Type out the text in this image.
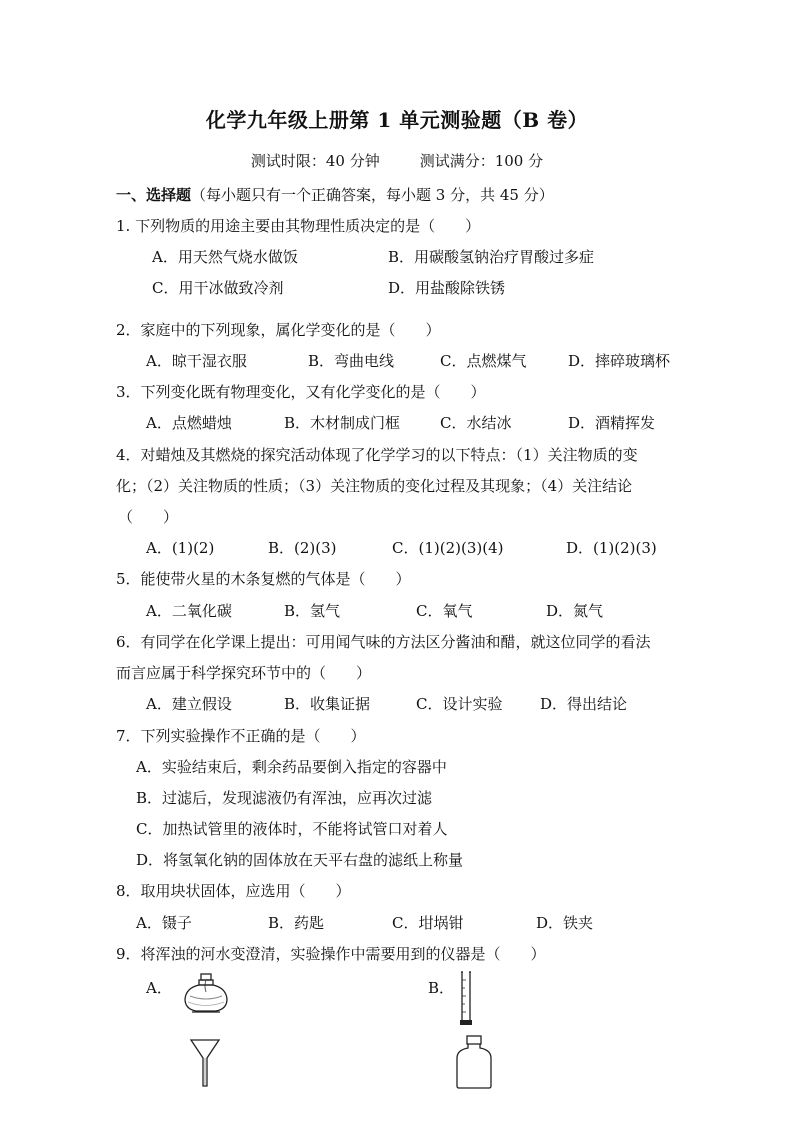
化学九年级上册第 1 单元测验题（B 卷）
测试时限：40 分钟	测试满分：100 分
一、选择题（每小题只有一个正确答案，每小题 3 分，共 45 分）
1. 下列物质的用途主要由其物理性质决定的是（　　）
A．用天然气烧水做饭	B．用碳酸氢钠治疗胃酸过多症
C．用干冰做致冷剂	D．用盐酸除铁锈
2．家庭中的下列现象，属化学变化的是（　　）
A．晾干湿衣服	B．弯曲电线	C．点燃煤气	D．摔碎玻璃杯
3．下列变化既有物理变化，又有化学变化的是（　　）
A．点燃蜡烛	B．木材制成门框	C．水结冰	D．酒精挥发
4．对蜡烛及其燃烧的探究活动体现了化学学习的以下特点：（1）关注物质的变
化；（2）关注物质的性质；（3）关注物质的变化过程及其现象；（4）关注结论
（　　）
A．(1)(2)	B．(2)(3)	C．(1)(2)(3)(4)	D．(1)(2)(3)
5．能使带火星的木条复燃的气体是（　　）
A．二氧化碳	B．氢气	C．氧气	D．氮气
6．有同学在化学课上提出：可用闻气味的方法区分酱油和醋，就这位同学的看法
而言应属于科学探究环节中的（　　）
A．建立假设	B．收集证据	C．设计实验	D．得出结论
7．下列实验操作不正确的是（　　）
A．实验结束后，剩余药品要倒入指定的容器中
B．过滤后，发现滤液仍有浑浊，应再次过滤
C．加热试管里的液体时，不能将试管口对着人
D．将氢氧化钠的固体放在天平右盘的滤纸上称量
8．取用块状固体，应选用（　　）
A．镊子	B．药匙	C．坩埚钳	D．铁夹
9．将浑浊的河水变澄清，实验操作中需要用到的仪器是（　　）
A．	B．
